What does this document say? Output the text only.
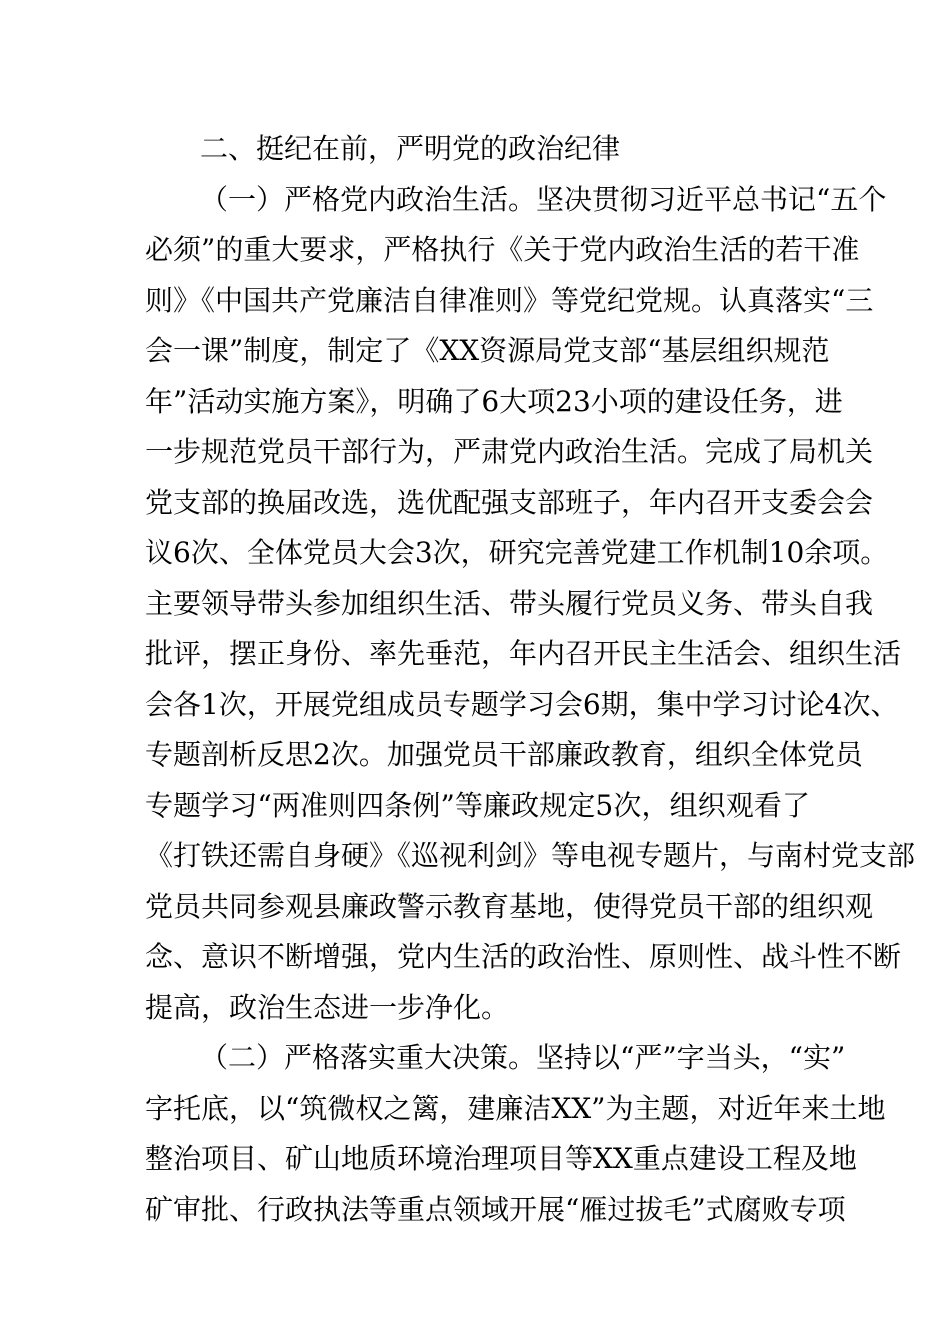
二、挺纪在前，严明党的政治纪律
（一）严格党内政治生活。坚决贯彻习近平总书记“五个
必须”的重大要求，严格执行《关于党内政治生活的若干准
则》《中国共产党廉洁自律准则》等党纪党规。认真落实“三
会一课”制度，制定了《XX资源局党支部“基层组织规范
年”活动实施方案》，明确了6大项23小项的建设任务，进
一步规范党员干部行为，严肃党内政治生活。完成了局机关
党支部的换届改选，选优配强支部班子，年内召开支委会会
议6次、全体党员大会3次，研究完善党建工作机制10余项。
主要领导带头参加组织生活、带头履行党员义务、带头自我
批评，摆正身份、率先垂范，年内召开民主生活会、组织生活
会各1次，开展党组成员专题学习会6期，集中学习讨论4次、
专题剖析反思2次。加强党员干部廉政教育，组织全体党员
专题学习“两准则四条例”等廉政规定5次，组织观看了
《打铁还需自身硬》《巡视利剑》等电视专题片，与南村党支部
党员共同参观县廉政警示教育基地，使得党员干部的组织观
念、意识不断增强，党内生活的政治性、原则性、战斗性不断
提高，政治生态进一步净化。
（二）严格落实重大决策。坚持以“严”字当头，“实”
字托底，以“筑微权之篱，建廉洁XX”为主题，对近年来土地
整治项目、矿山地质环境治理项目等XX重点建设工程及地
矿审批、行政执法等重点领域开展“雁过拔毛”式腐败专项
